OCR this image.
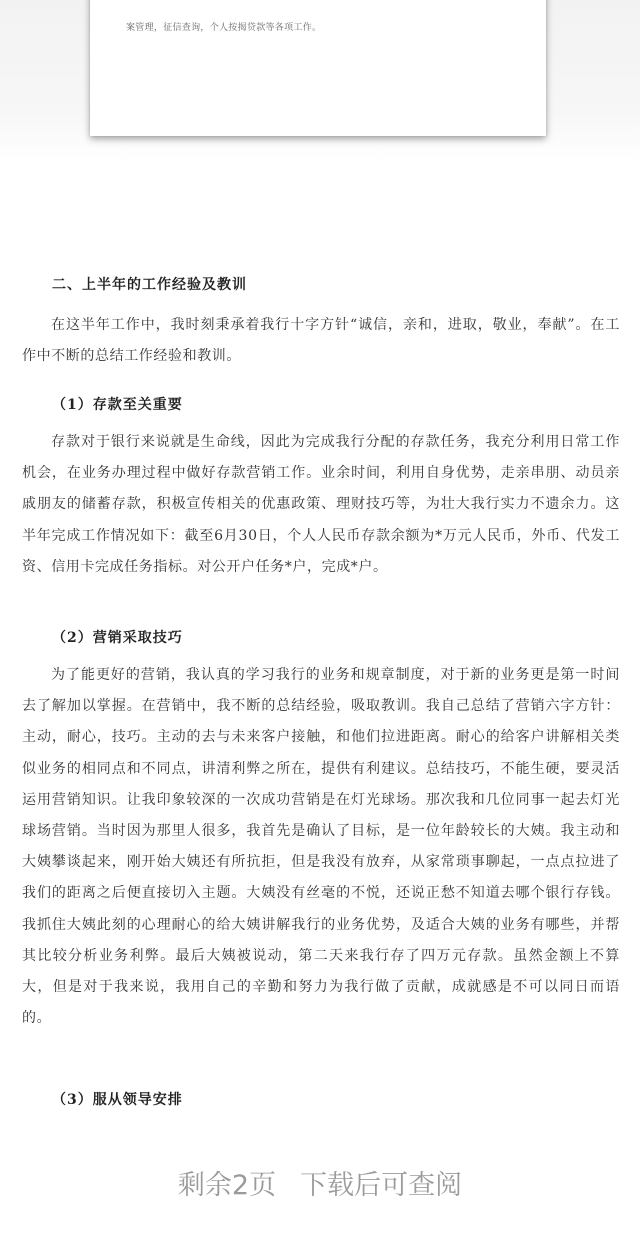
案管理，征信查询，个人按揭贷款等各项工作。
二、上半年的工作经验及教训
在这半年工作中，我时刻秉承着我行十字方针“诚信，亲和，进取，敬业，奉献”。在工作中不断的总结工作经验和教训。
（1）存款至关重要
存款对于银行来说就是生命线，因此为完成我行分配的存款任务，我充分利用日常工作机会，在业务办理过程中做好存款营销工作。业余时间，利用自身优势，走亲串朋、动员亲戚朋友的储蓄存款，积极宣传相关的优惠政策、理财技巧等，为壮大我行实力不遗余力。这半年完成工作情况如下：截至6月30日，个人人民币存款余额为*万元人民币，外币、代发工资、信用卡完成任务指标。对公开户任务*户，完成*户。
（2）营销采取技巧
为了能更好的营销，我认真的学习我行的业务和规章制度，对于新的业务更是第一时间去了解加以掌握。在营销中，我不断的总结经验，吸取教训。我自己总结了营销六字方针：主动，耐心，技巧。主动的去与未来客户接触，和他们拉进距离。耐心的给客户讲解相关类似业务的相同点和不同点，讲清利弊之所在，提供有利建议。总结技巧，不能生硬，要灵活运用营销知识。让我印象较深的一次成功营销是在灯光球场。那次我和几位同事一起去灯光球场营销。当时因为那里人很多，我首先是确认了目标，是一位年龄较长的大姨。我主动和大姨攀谈起来，刚开始大姨还有所抗拒，但是我没有放弃，从家常琐事聊起，一点点拉进了我们的距离之后便直接切入主题。大姨没有丝毫的不悦，还说正愁不知道去哪个银行存钱。我抓住大姨此刻的心理耐心的给大姨讲解我行的业务优势，及适合大姨的业务有哪些，并帮其比较分析业务利弊。最后大姨被说动，第二天来我行存了四万元存款。虽然金额上不算大，但是对于我来说，我用自己的辛勤和努力为我行做了贡献，成就感是不可以同日而语的。
（3）服从领导安排
剩余2页 下载后可查阅
